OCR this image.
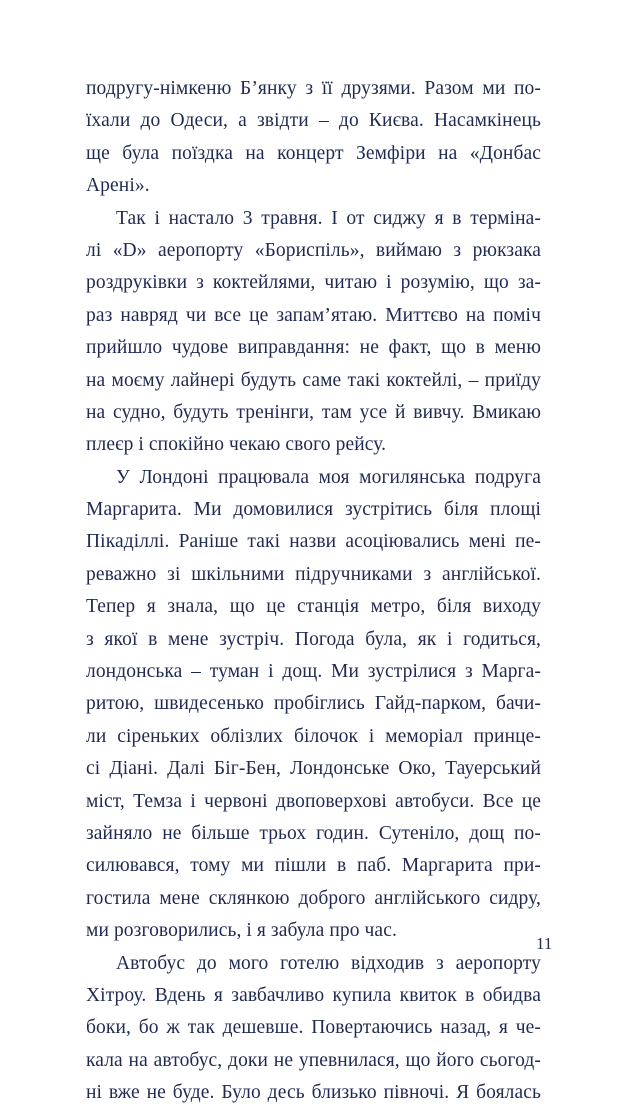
подругу-німкеню Б’янку з її друзями. Разом ми по-
їхали до Одеси, а звідти – до Києва. Насамкінець
ще була поїздка на концерт Земфіри на «Донбас
Арені».
Так і настало 3 травня. І от сиджу я в терміна-
лі «D» аеропорту «Бориспіль», виймаю з рюкзака
роздруківки з коктейлями, читаю і розумію, що за-
раз навряд чи все це запам’ятаю. Миттєво на поміч
прийшло чудове виправдання: не факт, що в меню
на моєму лайнері будуть саме такі коктейлі, – приїду
на судно, будуть тренінги, там усе й вивчу. Вмикаю
плеєр і спокійно чекаю свого рейсу.
У Лондоні працювала моя могилянська подруга
Маргарита. Ми домовилися зустрітись біля площі
Пікаділлі. Раніше такі назви асоціювались мені пе-
реважно зі шкільними підручниками з англійської.
Тепер я знала, що це станція метро, біля виходу
з якої в мене зустріч. Погода була, як і годиться,
лондонська – туман і дощ. Ми зустрілися з Марга-
ритою, швидесенько пробіглись Гайд-парком, бачи-
ли сіреньких облізлих білочок і меморіал принце-
сі Діані. Далі Біг-Бен, Лондонське Око, Тауерський
міст, Темза і червоні двоповерхові автобуси. Все це
зайняло не більше трьох годин. Сутеніло, дощ по-
силювався, тому ми пішли в паб. Маргарита при-
гостила мене склянкою доброго англійського сидру,
ми розговорились, і я забула про час.
Автобус до мого готелю відходив з аеропорту
Хітроу. Вдень я завбачливо купила квиток в обидва
боки, бо ж так дешевше. Повертаючись назад, я че-
кала на автобус, доки не упевнилася, що його сьогод-
ні вже не буде. Було десь близько півночі. Я боялась
11
